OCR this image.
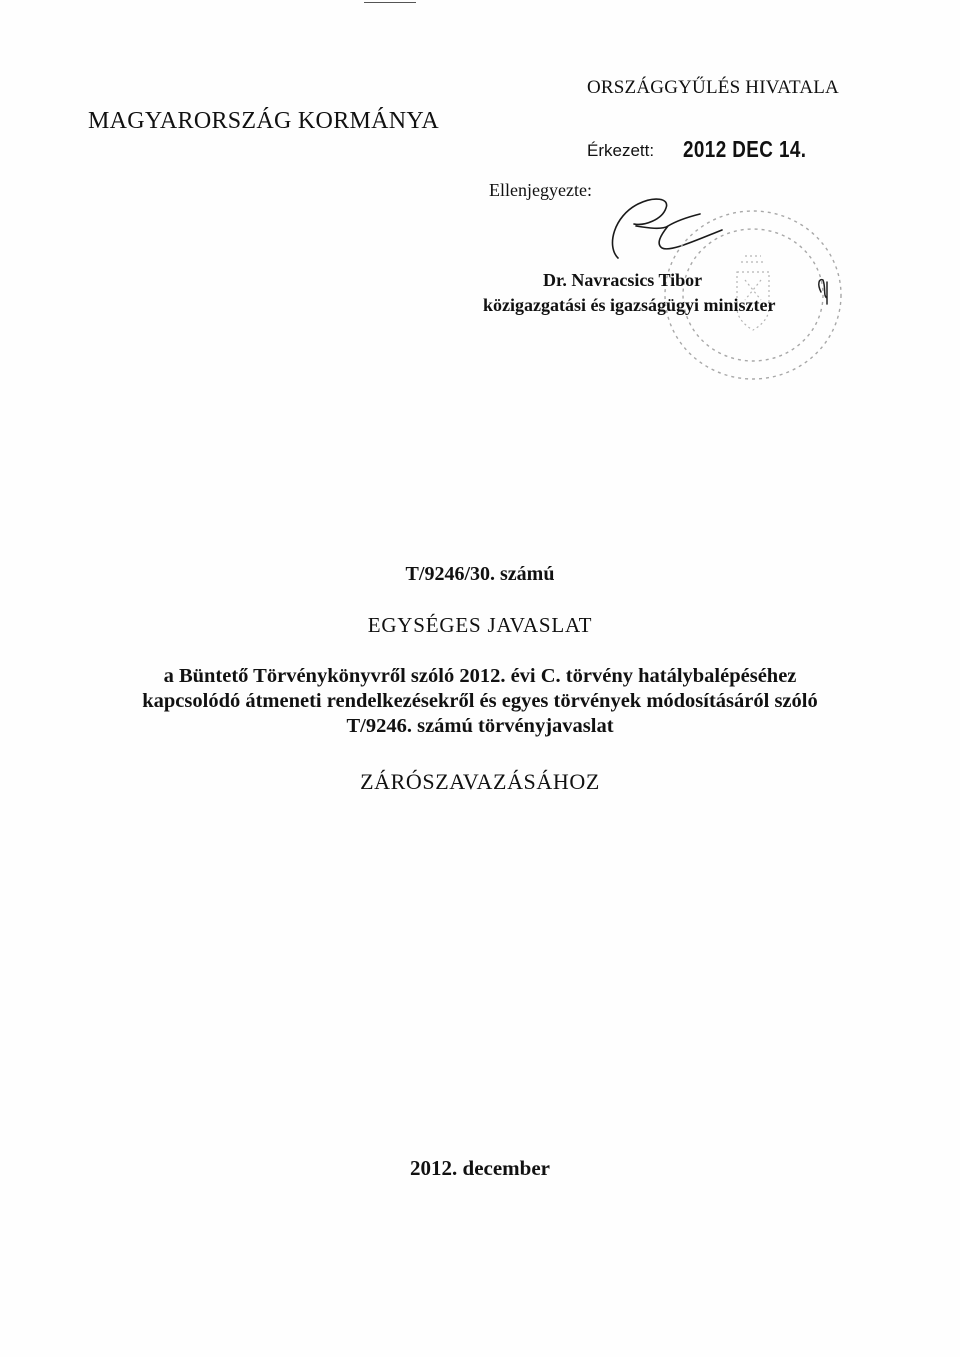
MAGYARORSZÁG KORMÁNYA
ORSZÁGGYŰLÉS HIVATALA
Érkezett: 2012 DEC 14.
Ellenjegyezte:
Dr. Navracsics Tibor
közigazgatási és igazságügyi miniszter
T/9246/30. számú
EGYSÉGES JAVASLAT
a Büntető Törvénykönyvről szóló 2012. évi C. törvény hatálybalépéséhez
kapcsolódó átmeneti rendelkezésekről és egyes törvények módosításáról szóló
T/9246. számú törvényjavaslat
ZÁRÓSZAVAZÁSÁHOZ
2012. december
